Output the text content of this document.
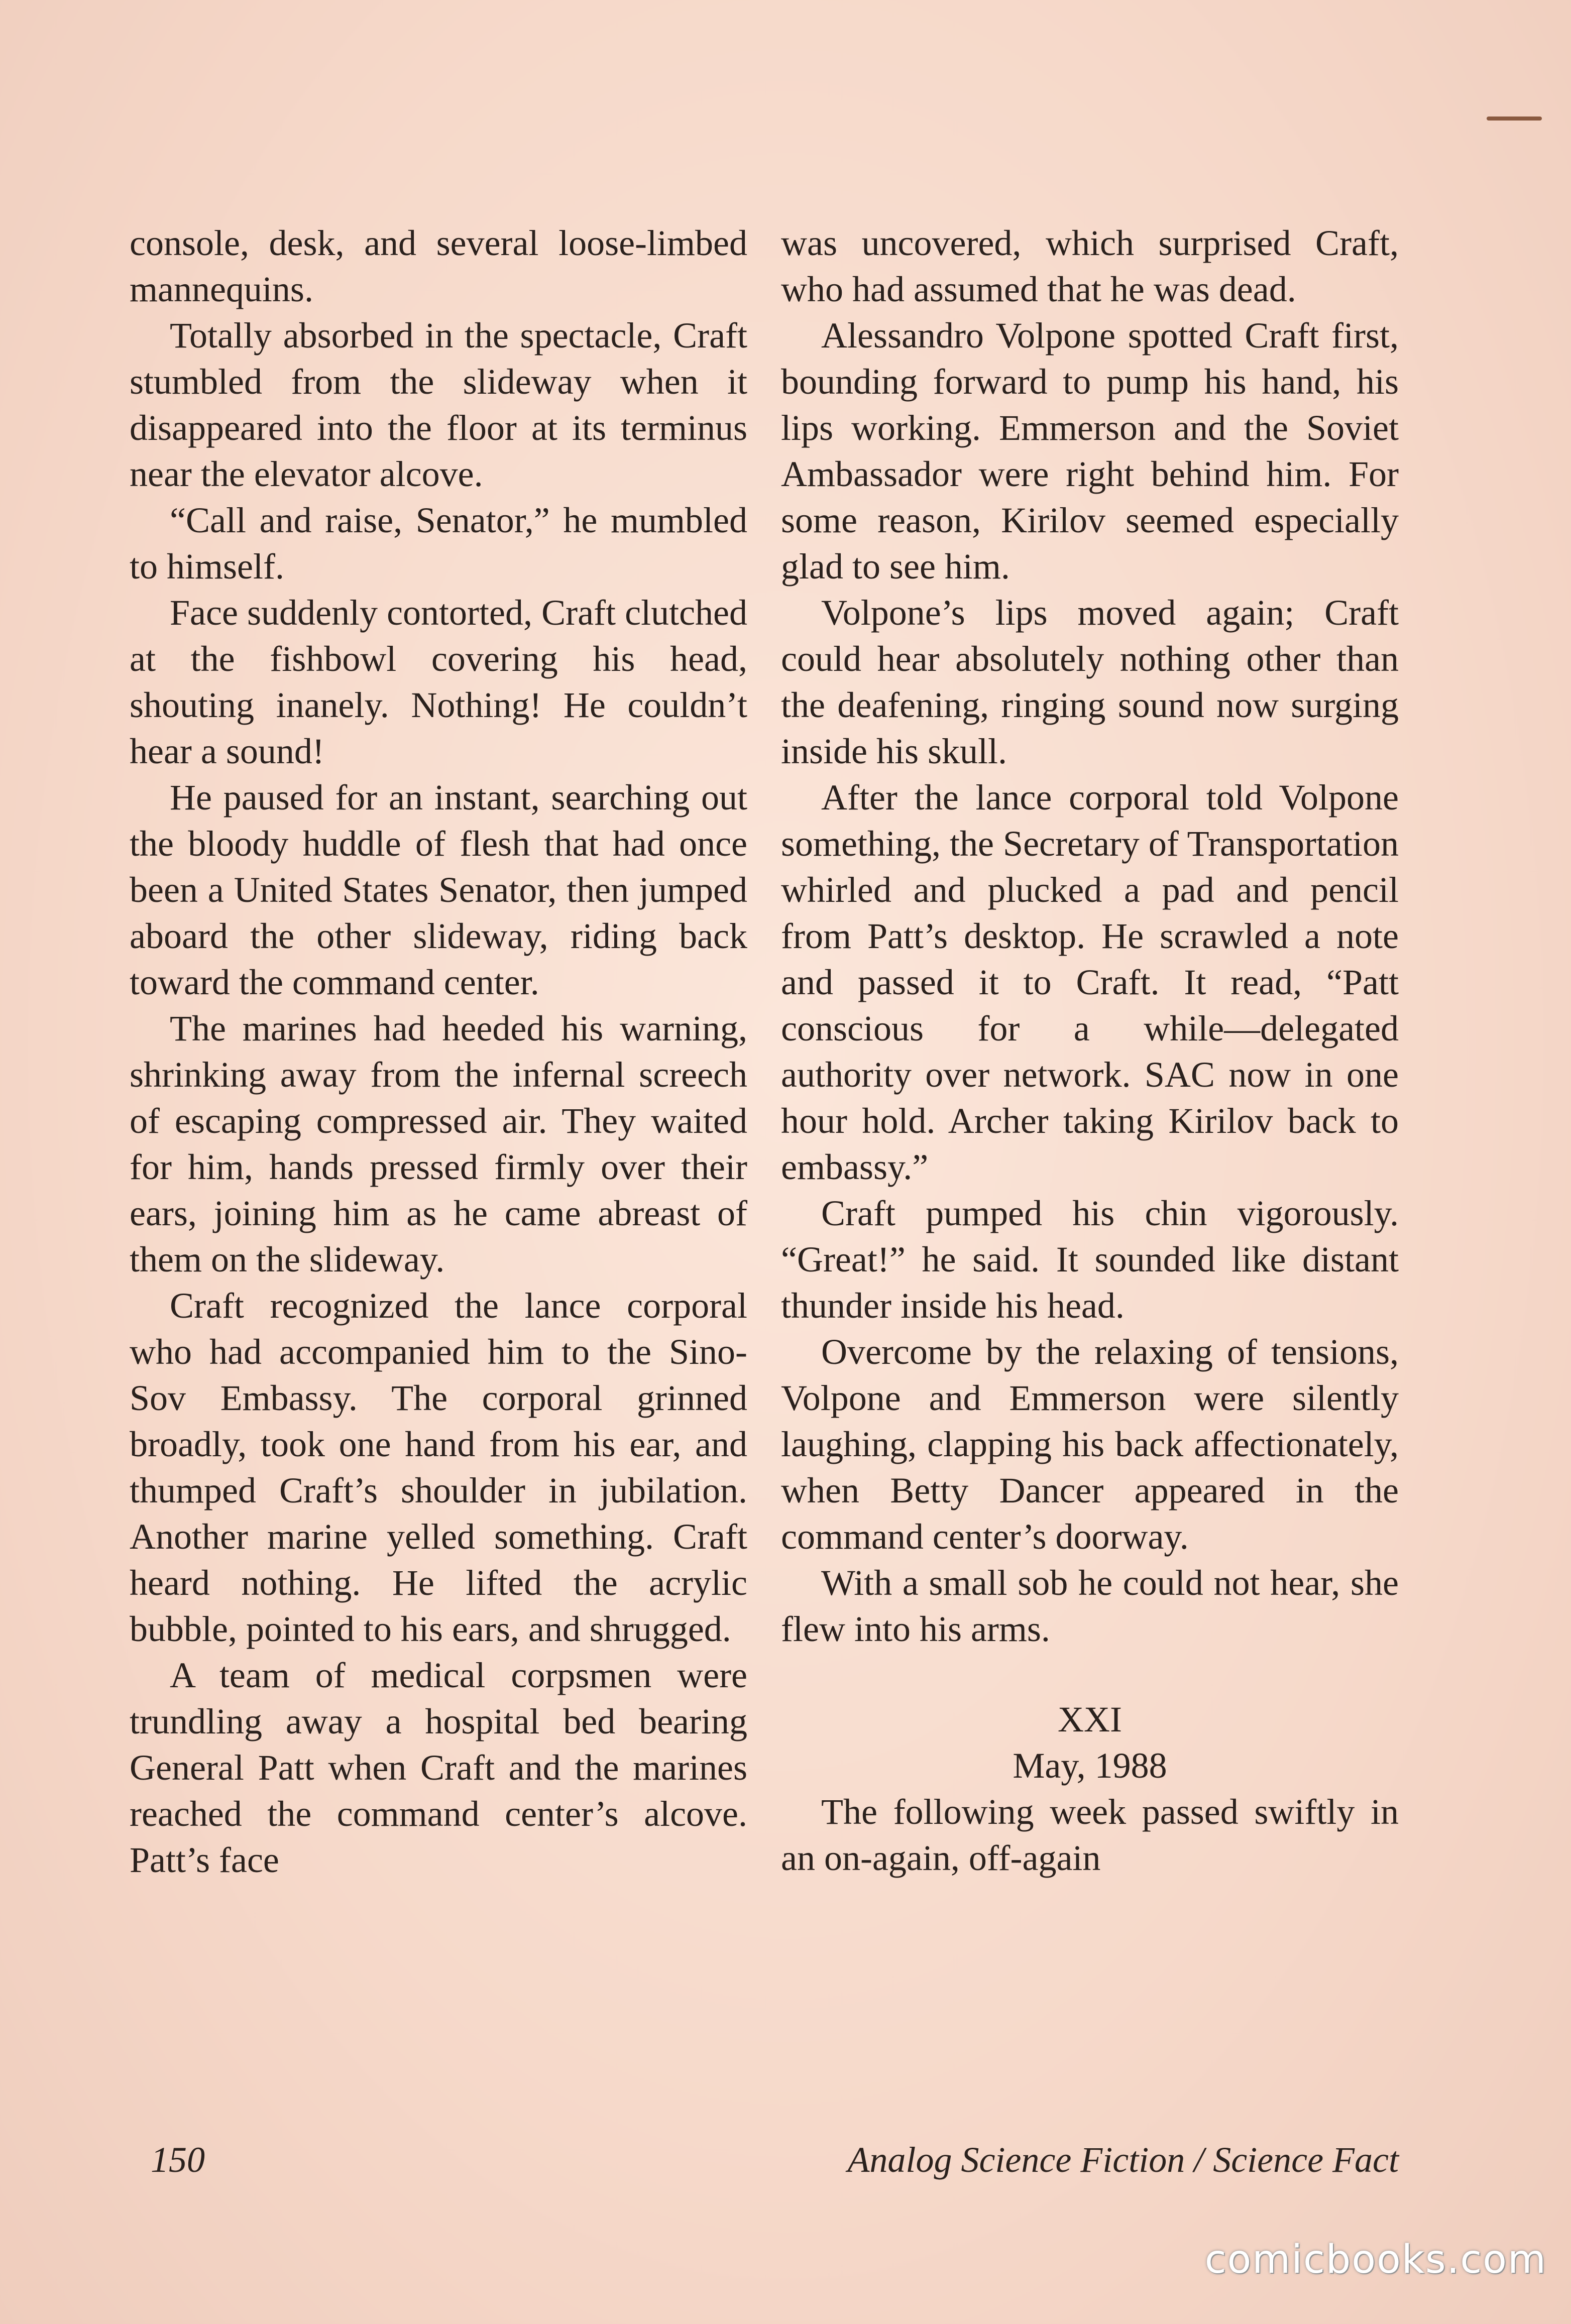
console, desk, and several loose-limbed mannequins.

Totally absorbed in the spectacle, Craft stumbled from the slideway when it disappeared into the floor at its terminus near the elevator alcove.

“Call and raise, Senator,” he mumbled to himself.

Face suddenly contorted, Craft clutched at the fishbowl covering his head, shouting inanely. Nothing! He couldn’t hear a sound!

He paused for an instant, searching out the bloody huddle of flesh that had once been a United States Senator, then jumped aboard the other slideway, riding back toward the command center.

The marines had heeded his warning, shrinking away from the infernal screech of escaping compressed air. They waited for him, hands pressed firmly over their ears, joining him as he came abreast of them on the slideway.

Craft recognized the lance corporal who had accompanied him to the Sino-Sov Embassy. The corporal grinned broadly, took one hand from his ear, and thumped Craft’s shoulder in jubilation. Another marine yelled something. Craft heard nothing. He lifted the acrylic bubble, pointed to his ears, and shrugged.

A team of medical corpsmen were trundling away a hospital bed bearing General Patt when Craft and the marines reached the command center’s alcove. Patt’s face

was uncovered, which surprised Craft, who had assumed that he was dead.

Alessandro Volpone spotted Craft first, bounding forward to pump his hand, his lips working. Emmerson and the Soviet Ambassador were right behind him. For some reason, Kirilov seemed especially glad to see him.

Volpone’s lips moved again; Craft could hear absolutely nothing other than the deafening, ringing sound now surging inside his skull.

After the lance corporal told Volpone something, the Secretary of Transportation whirled and plucked a pad and pencil from Patt’s desktop. He scrawled a note and passed it to Craft. It read, “Patt conscious for a while—delegated authority over network. SAC now in one hour hold. Archer taking Kirilov back to embassy.”

Craft pumped his chin vigorously. “Great!” he said. It sounded like distant thunder inside his head.

Overcome by the relaxing of tensions, Volpone and Emmerson were silently laughing, clapping his back affectionately, when Betty Dancer appeared in the command center’s doorway.

With a small sob he could not hear, she flew into his arms.

XXI

May, 1988

The following week passed swiftly in an on-again, off-again

150	Analog Science Fiction / Science Fact
comicbooks.com
